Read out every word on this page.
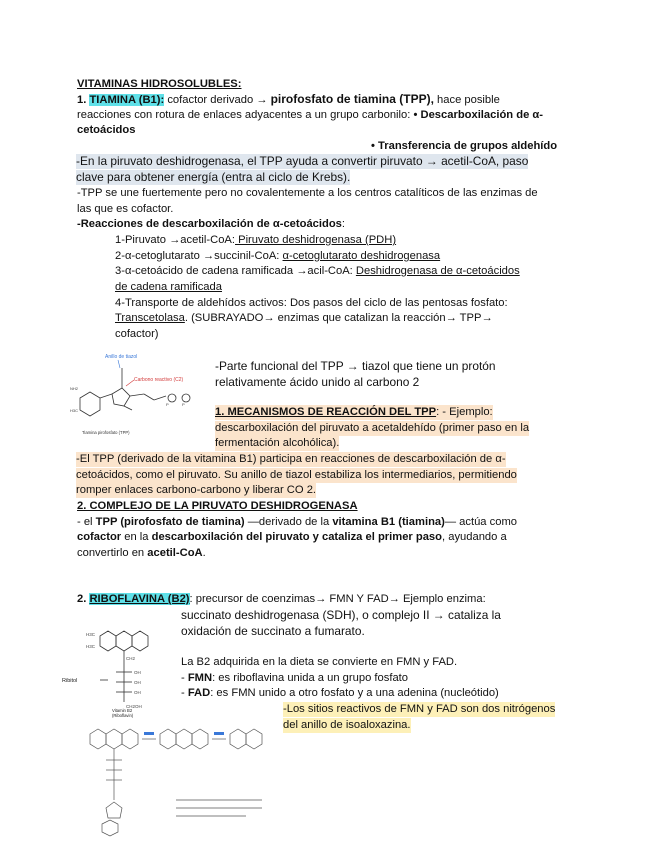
VITAMINAS HIDROSOLUBLES:
1. TIAMINA (B1): cofactor derivado → pirofosfato de tiamina (TPP), hace posible
reacciones con rotura de enlaces adyacentes a un grupo carbonilo: • Descarboxilación de α-
cetoácidos
• Transferencia de grupos aldehído
-En la piruvato deshidrogenasa, el TPP ayuda a convertir piruvato → acetil-CoA, paso
clave para obtener energía (entra al ciclo de Krebs).
-TPP se une fuertemente pero no covalentemente a los centros catalíticos de las enzimas de
las que es cofactor.
-Reacciones de descarboxilación de α-cetoácidos:
1-Piruvato →acetil-CoA: Piruvato deshidrogenasa (PDH)
2-α-cetoglutarato →succinil-CoA: α-cetoglutarato deshidrogenasa
3-α-cetoácido de cadena ramificada →acil-CoA: Deshidrogenasa de α-cetoácidos
de cadena ramificada
4-Transporte de aldehídos activos: Dos pasos del ciclo de las pentosas fosfato:
Transcetolasa. (SUBRAYADO→ enzimas que catalizan la reacción→ TPP→
cofactor)
NH2
H3C
P	P
Anillo de tiazol
Carbono reactivo (C2)
Tiamina pirofosfato (TPP)
-Parte funcional del TPP → tiazol que tiene un protón
relativamente ácido unido al carbono 2
1. MECANISMOS DE REACCIÓN DEL TPP: - Ejemplo:
descarboxilación del piruvato a acetaldehído (primer paso en la
fermentación alcohólica).
-El TPP (derivado de la vitamina B1) participa en reacciones de descarboxilación de α-
cetoácidos, como el piruvato. Su anillo de tiazol estabiliza los intermediarios, permitiendo
romper enlaces carbono-carbono y liberar CO 2.
2. COMPLEJO DE LA PIRUVATO DESHIDROGENASA
- el TPP (pirofosfato de tiamina) —derivado de la vitamina B1 (tiamina)— actúa como
cofactor en la descarboxilación del piruvato y cataliza el primer paso, ayudando a
convertirlo en acetil-CoA.
2. RIBOFLAVINA (B2): precursor de coenzimas→ FMN Y FAD→ Ejemplo enzima:
succinato deshidrogenasa (SDH), o complejo II → cataliza la
oxidación de succinato a fumarato.
H3C
H3C
CH2
OH
OH
OH
CH2OH
Ribitol
Vitamin B2
(Riboflavin)
La B2 adquirida en la dieta se convierte en FMN y FAD.
- FMN: es riboflavina unida a un grupo fosfato
- FAD: es FMN unido a otro fosfato y a una adenina (nucleótido)
-Los sitios reactivos de FMN y FAD son dos nitrógenos
del anillo de isoaloxazina.
